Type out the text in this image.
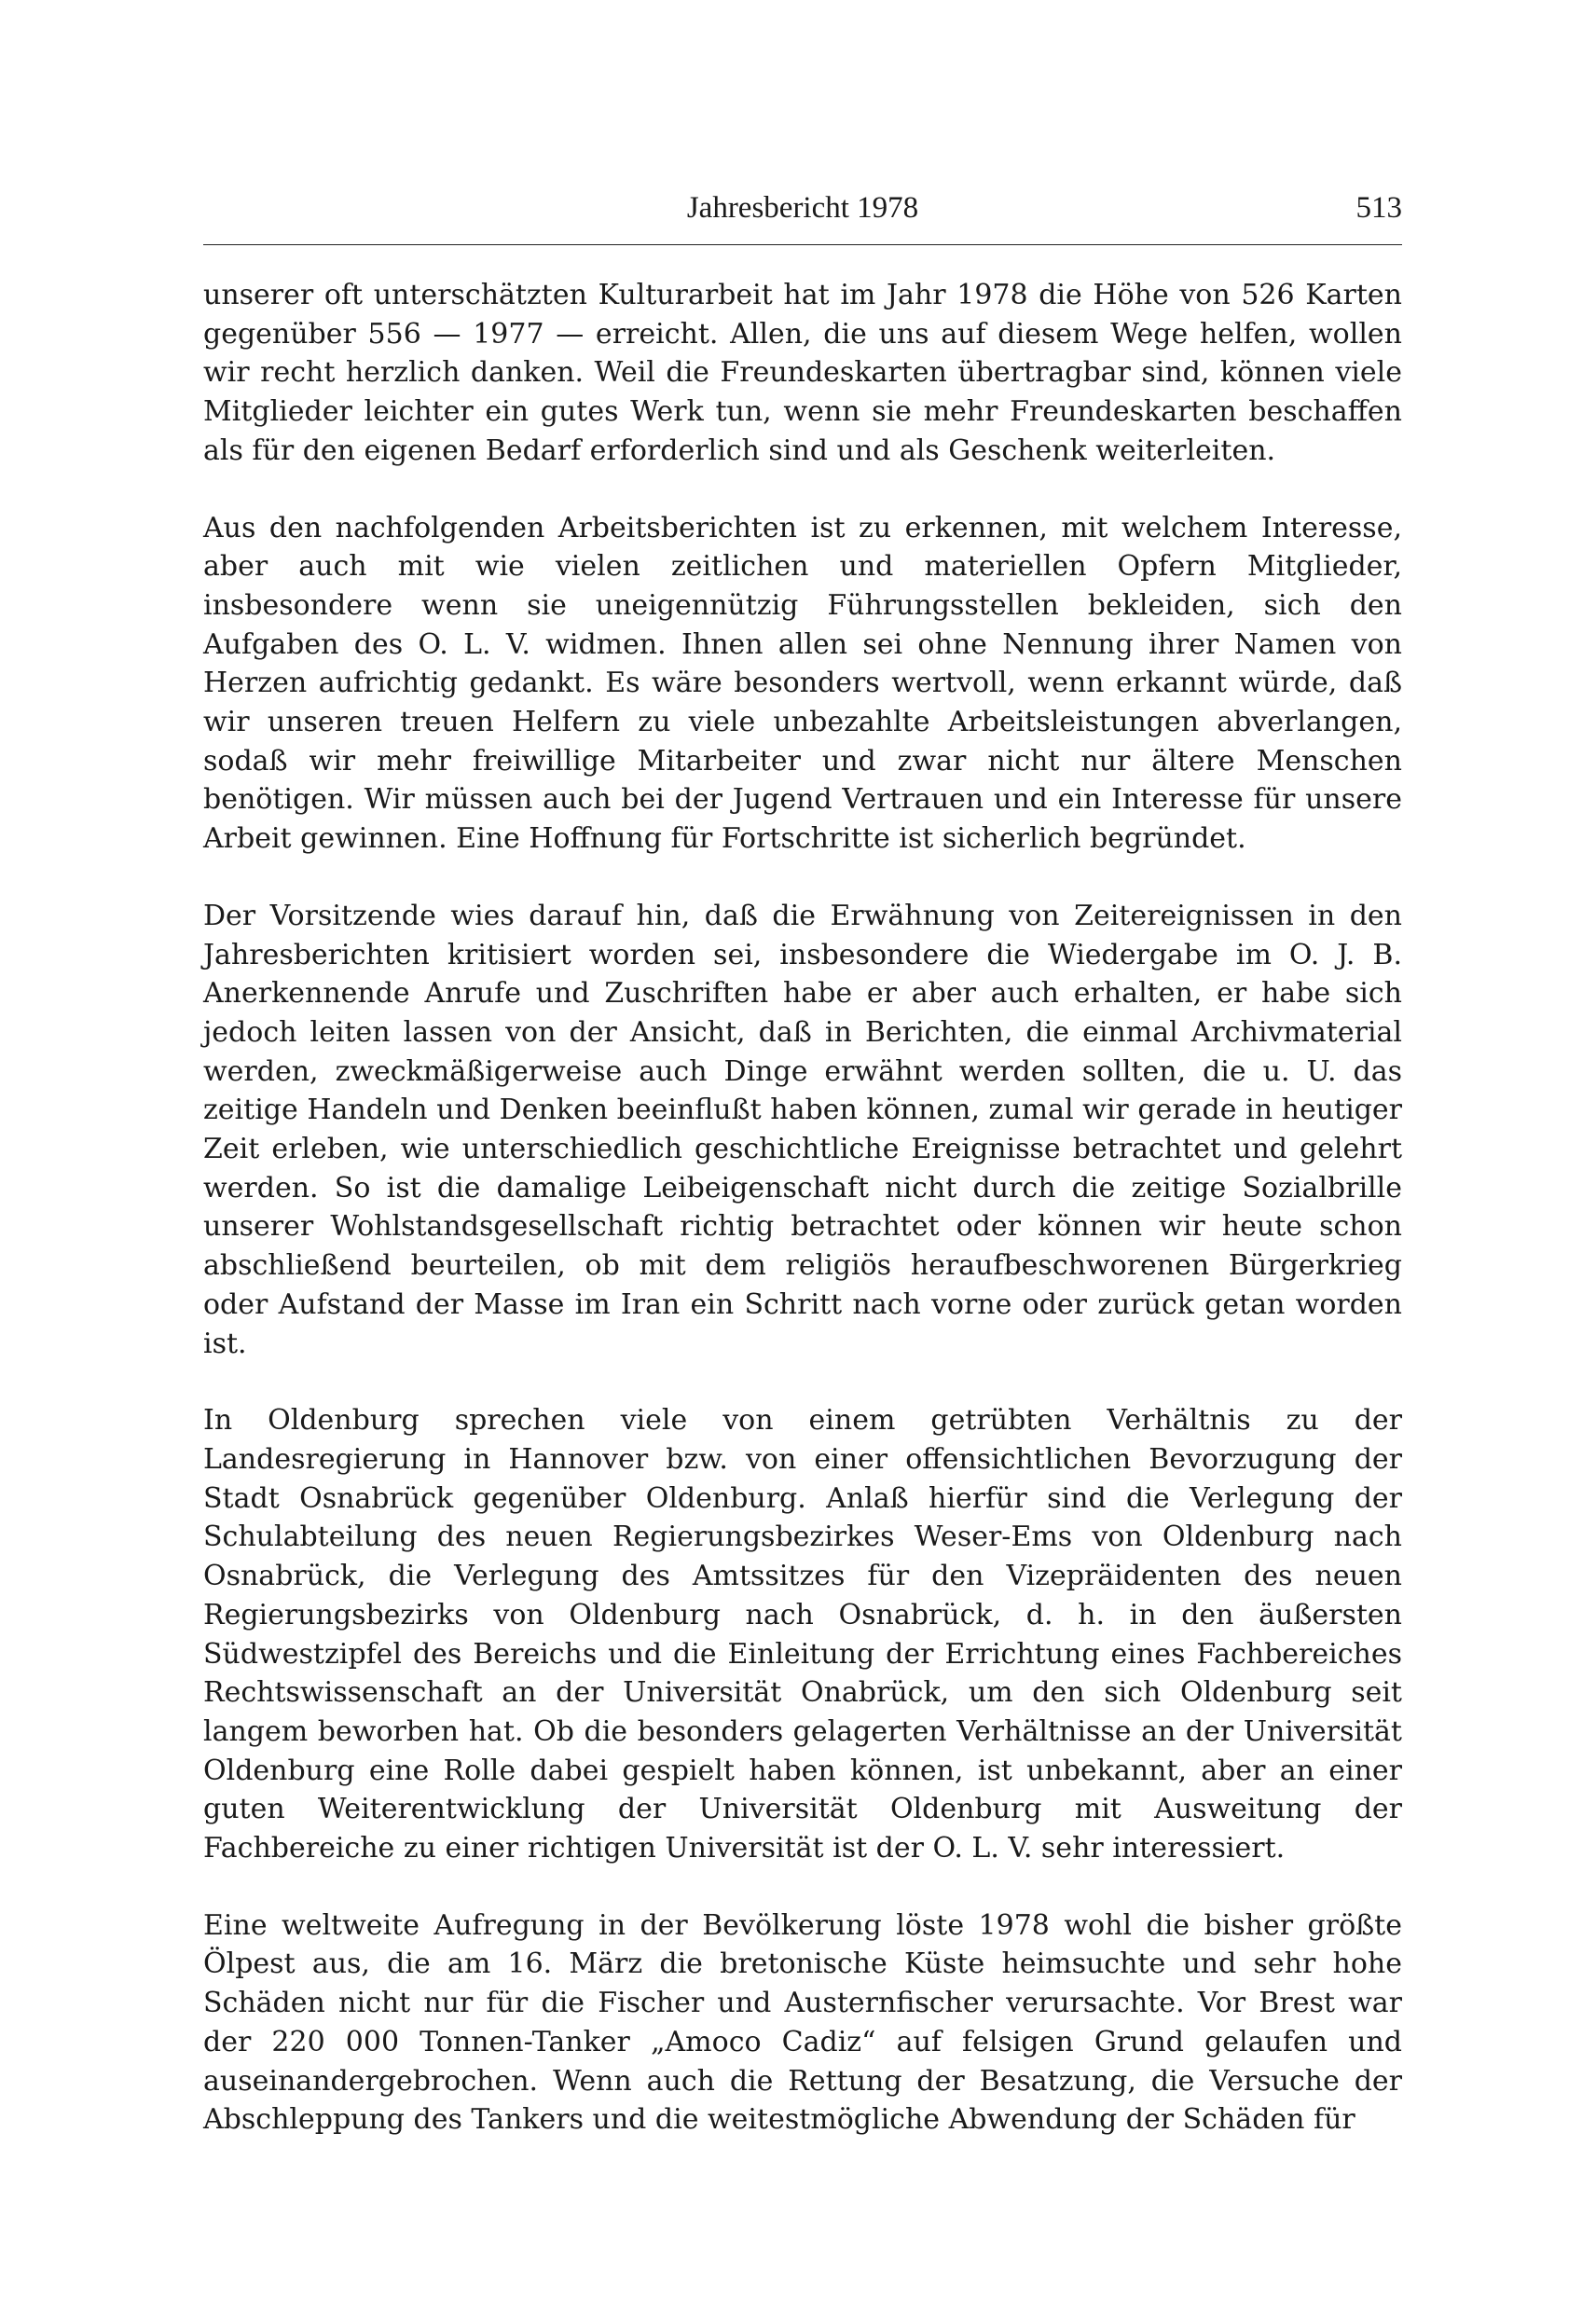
Jahresbericht 1978	513

unserer oft unterschätzten Kulturarbeit hat im Jahr 1978 die Höhe von 526 Karten gegenüber 556 — 1977 — erreicht. Allen, die uns auf diesem Wege helfen, wollen wir recht herzlich danken. Weil die Freundeskarten übertragbar sind, können viele Mitglieder leichter ein gutes Werk tun, wenn sie mehr Freundeskarten beschaffen als für den eigenen Bedarf erforderlich sind und als Geschenk weiterleiten.

Aus den nachfolgenden Arbeitsberichten ist zu erkennen, mit welchem Interesse, aber auch mit wie vielen zeitlichen und materiellen Opfern Mitglieder, insbesondere wenn sie uneigennützig Führungsstellen bekleiden, sich den Aufgaben des O. L. V. widmen. Ihnen allen sei ohne Nennung ihrer Namen von Herzen aufrichtig gedankt. Es wäre besonders wertvoll, wenn erkannt würde, daß wir unseren treuen Helfern zu viele unbezahlte Arbeitsleistungen abverlangen, sodaß wir mehr freiwillige Mitarbeiter und zwar nicht nur ältere Menschen benötigen. Wir müssen auch bei der Jugend Vertrauen und ein Interesse für unsere Arbeit gewinnen. Eine Hoffnung für Fortschritte ist sicherlich begründet.

Der Vorsitzende wies darauf hin, daß die Erwähnung von Zeitereignissen in den Jahresberichten kritisiert worden sei, insbesondere die Wiedergabe im O. J. B. Anerkennende Anrufe und Zuschriften habe er aber auch erhalten, er habe sich jedoch leiten lassen von der Ansicht, daß in Berichten, die einmal Archivmaterial werden, zweckmäßigerweise auch Dinge erwähnt werden sollten, die u. U. das zeitige Handeln und Denken beeinflußt haben können, zumal wir gerade in heutiger Zeit erleben, wie unterschiedlich geschichtliche Ereignisse betrachtet und gelehrt werden. So ist die damalige Leibeigenschaft nicht durch die zeitige Sozialbrille unserer Wohlstandsgesellschaft richtig betrachtet oder können wir heute schon abschließend beurteilen, ob mit dem religiös heraufbeschworenen Bürgerkrieg oder Aufstand der Masse im Iran ein Schritt nach vorne oder zurück getan worden ist.

In Oldenburg sprechen viele von einem getrübten Verhältnis zu der Landesregierung in Hannover bzw. von einer offensichtlichen Bevorzugung der Stadt Osnabrück gegenüber Oldenburg. Anlaß hierfür sind die Verlegung der Schulabteilung des neuen Regierungsbezirkes Weser-Ems von Oldenburg nach Osnabrück, die Verlegung des Amtssitzes für den Vizepräidenten des neuen Regierungsbezirks von Oldenburg nach Osnabrück, d. h. in den äußersten Südwestzipfel des Bereichs und die Einleitung der Errichtung eines Fachbereiches Rechtswissenschaft an der Universität Onabrück, um den sich Oldenburg seit langem beworben hat. Ob die besonders gelagerten Verhältnisse an der Universität Oldenburg eine Rolle dabei gespielt haben können, ist unbekannt, aber an einer guten Weiterentwicklung der Universität Oldenburg mit Ausweitung der Fachbereiche zu einer richtigen Universität ist der O. L. V. sehr interessiert.

Eine weltweite Aufregung in der Bevölkerung löste 1978 wohl die bisher größte Ölpest aus, die am 16. März die bretonische Küste heimsuchte und sehr hohe Schäden nicht nur für die Fischer und Austernfischer verursachte. Vor Brest war der 220 000 Tonnen-Tanker „Amoco Cadiz“ auf felsigen Grund gelaufen und auseinandergebrochen. Wenn auch die Rettung der Besatzung, die Versuche der Abschleppung des Tankers und die weitestmögliche Abwendung der Schäden für
